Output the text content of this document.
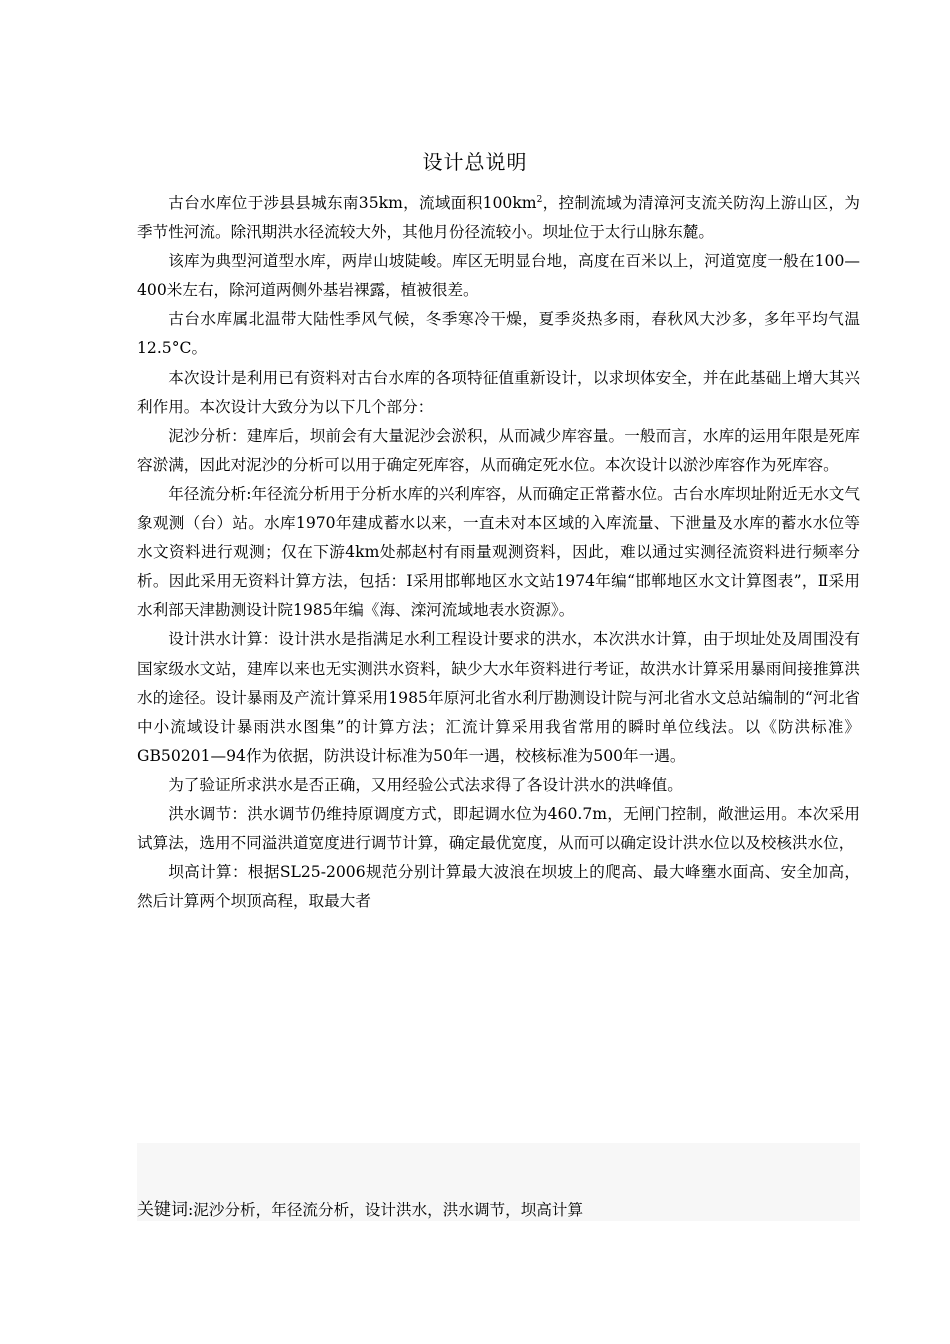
设计总说明

古台水库位于涉县县城东南35km，流域面积$100km^2$，控制流域为清漳河支流关防沟上游山区，为季节性河流。除汛期洪水径流较大外，其他月份径流较小。坝址位于太行山脉东麓。

该库为典型河道型水库，两岸山坡陡峻。库区无明显台地，高度在百米以上，河道宽度一般在100—400米左右，除河道两侧外基岩裸露，植被很差。

古台水库属北温带大陆性季风气候，冬季寒冷干燥，夏季炎热多雨，春秋风大沙多，多年平均气温12.5°C。

本次设计是利用已有资料对古台水库的各项特征值重新设计，以求坝体安全，并在此基础上增大其兴利作用。本次设计大致分为以下几个部分：

泥沙分析：建库后，坝前会有大量泥沙会淤积，从而减少库容量。一般而言，水库的运用年限是死库容淤满，因此对泥沙的分析可以用于确定死库容，从而确定死水位。本次设计以淤沙库容作为死库容。

年径流分析:年径流分析用于分析水库的兴利库容，从而确定正常蓄水位。古台水库坝址附近无水文气象观测（台）站。水库1970年建成蓄水以来，一直未对本区域的入库流量、下泄量及水库的蓄水水位等水文资料进行观测；仅在下游4km处郝赵村有雨量观测资料，因此，难以通过实测径流资料进行频率分析。因此采用无资料计算方法，包括：Ⅰ采用邯郸地区水文站1974年编“邯郸地区水文计算图表”，Ⅱ采用水利部天津勘测设计院1985年编《海、滦河流域地表水资源》。

设计洪水计算：设计洪水是指满足水利工程设计要求的洪水，本次洪水计算，由于坝址处及周围没有国家级水文站，建库以来也无实测洪水资料，缺少大水年资料进行考证，故洪水计算采用暴雨间接推算洪水的途径。设计暴雨及产流计算采用1985年原河北省水利厅勘测设计院与河北省水文总站编制的“河北省中小流域设计暴雨洪水图集”的计算方法；汇流计算采用我省常用的瞬时单位线法。以《防洪标准》GB50201—94作为依据，防洪设计标准为50年一遇，校核标准为500年一遇。

为了验证所求洪水是否正确，又用经验公式法求得了各设计洪水的洪峰值。

洪水调节：洪水调节仍维持原调度方式，即起调水位为460.7m，无闸门控制，敞泄运用。本次采用试算法，选用不同溢洪道宽度进行调节计算，确定最优宽度，从而可以确定设计洪水位以及校核洪水位，

坝高计算：根据SL25-2006规范分别计算最大波浪在坝坡上的爬高、最大峰壅水面高、安全加高，然后计算两个坝顶高程，取最大者

关键词:泥沙分析，年径流分析，设计洪水，洪水调节，坝高计算
